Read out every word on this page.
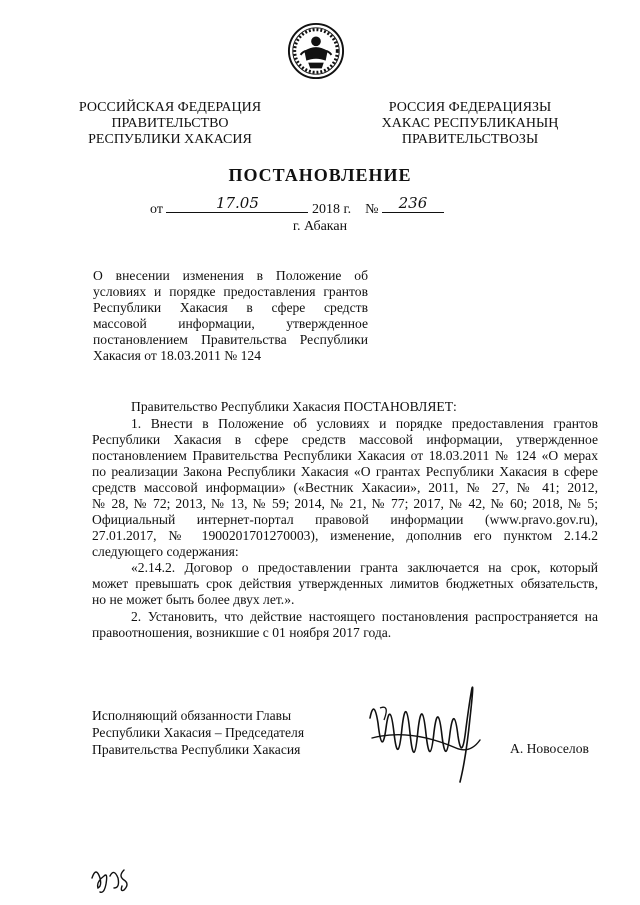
РОССИЙСКАЯ ФЕДЕРАЦИЯ
ПРАВИТЕЛЬСТВО
РЕСПУБЛИКИ ХАКАСИЯ
РОССИЯ ФЕДЕРАЦИЯЗЫ
ХАКАС РЕСПУБЛИКАНЫҢ
ПРАВИТЕЛЬСТВОЗЫ
ПОСТАНОВЛЕНИЕ
от	17.05	2018 г. №	236
г. Абакан
О внесении изменения в Положение об
условиях и порядке предоставления грантов
Республики Хакасия в сфере средств
массовой информации, утвержденное
постановлением Правительства Республики
Хакасия от 18.03.2011 № 124
Правительство Республики Хакасия ПОСТАНОВЛЯЕТ:
1. Внести в Положение об условиях и порядке предоставления грантов
Республики Хакасия в сфере средств массовой информации, утвержденное
постановлением Правительства Республики Хакасия от 18.03.2011 № 124 «О мерах
по реализации Закона Республики Хакасия «О грантах Республики Хакасия в сфере
средств массовой информации» («Вестник Хакасии», 2011, № 27, № 41; 2012,
№ 28, № 72; 2013, № 13, № 59; 2014, № 21, № 77; 2017, № 42, № 60; 2018, № 5;
Официальный интернет-портал правовой информации (www.pravo.gov.ru),
27.01.2017, № 1900201701270003), изменение, дополнив его пунктом 2.14.2
следующего содержания:
«2.14.2. Договор о предоставлении гранта заключается на срок, который
может превышать срок действия утвержденных лимитов бюджетных обязательств,
но не может быть более двух лет.».
2. Установить, что действие настоящего постановления распространяется на
правоотношения, возникшие с 01 ноября 2017 года.
Исполняющий обязанности Главы
Республики Хакасия – Председателя
Правительства Республики Хакасия	А. Новоселов
